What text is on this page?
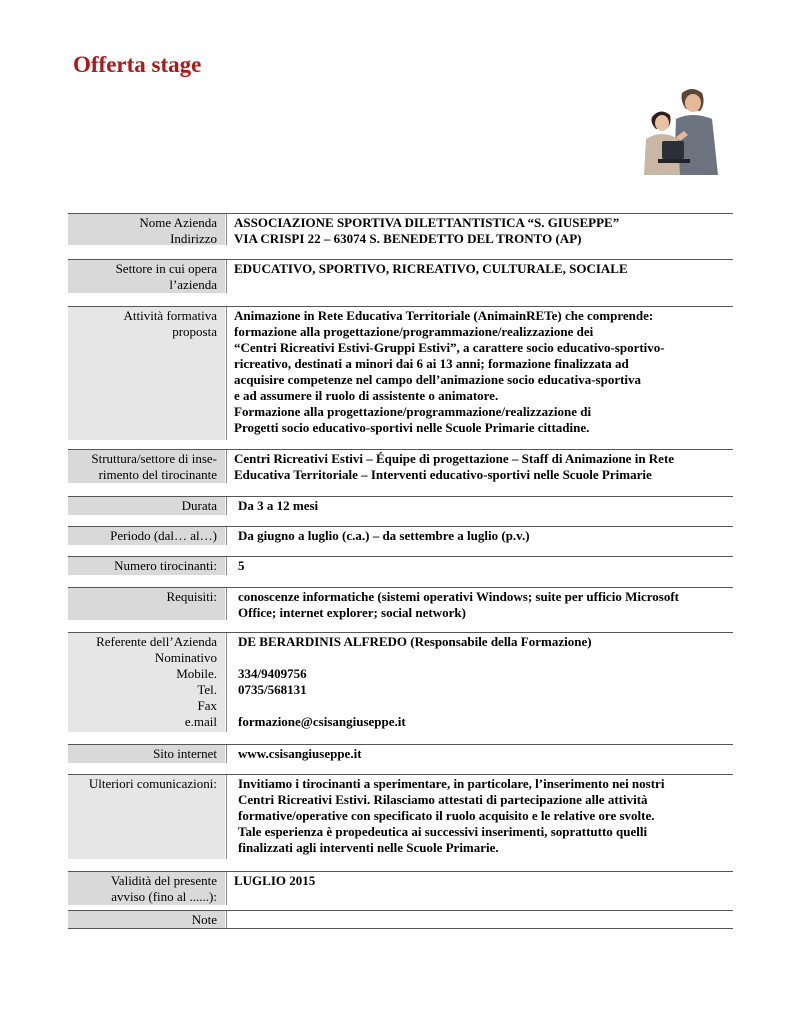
Offerta stage
Nome Azienda
Indirizzo
ASSOCIAZIONE SPORTIVA DILETTANTISTICA “S. GIUSEPPE”
VIA CRISPI 22 – 63074 S. BENEDETTO DEL TRONTO (AP)
Settore in cui opera
l’azienda
EDUCATIVO, SPORTIVO, RICREATIVO, CULTURALE, SOCIALE
Attività formativa
proposta
Animazione in Rete Educativa Territoriale (AnimainRETe) che comprende:
formazione alla progettazione/programmazione/realizzazione dei
“Centri Ricreativi Estivi-Gruppi Estivi”, a carattere socio educativo-sportivo-
ricreativo, destinati a minori dai 6 ai 13 anni; formazione finalizzata ad
acquisire competenze nel campo dell’animazione socio educativa-sportiva
e ad assumere il ruolo di assistente o animatore.
Formazione alla progettazione/programmazione/realizzazione di
Progetti socio educativo-sportivi nelle Scuole Primarie cittadine.
Struttura/settore di inse-
rimento del tirocinante
Centri Ricreativi Estivi – Équipe di progettazione – Staff di Animazione in Rete
Educativa Territoriale – Interventi educativo-sportivi nelle Scuole Primarie
Durata Da 3 a 12 mesi
Periodo (dal… al…) Da giugno a luglio (c.a.) – da settembre a luglio (p.v.)
Numero tirocinanti: 5
Requisiti: conoscenze informatiche (sistemi operativi Windows; suite per ufficio Microsoft
Office; internet explorer; social network)
Referente dell’Azienda
Nominativo
Mobile.
Tel.
Fax
e.mail
DE BERARDINIS ALFREDO (Responsabile della Formazione)
334/9409756
0735/568131
formazione@csisangiuseppe.it
Sito internet www.csisangiuseppe.it
Ulteriori comunicazioni: Invitiamo i tirocinanti a sperimentare, in particolare, l’inserimento nei nostri
Centri Ricreativi Estivi. Rilasciamo attestati di partecipazione alle attività
formative/operative con specificato il ruolo acquisito e le relative ore svolte.
Tale esperienza è propedeutica ai successivi inserimenti, soprattutto quelli
finalizzati agli interventi nelle Scuole Primarie.
Validità del presente
avviso (fino al ......):
LUGLIO 2015
Note
